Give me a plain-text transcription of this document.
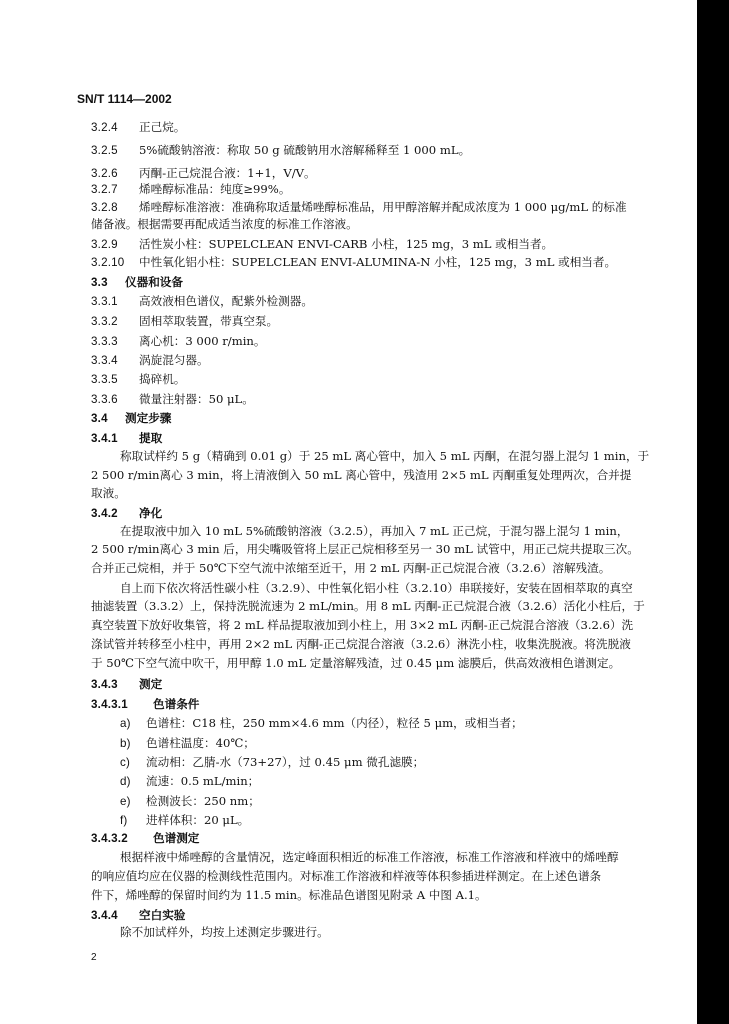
SN/T 1114—2002
3.2.4 正己烷。
3.2.5 5%硫酸钠溶液：称取 50 g 硫酸钠用水溶解稀释至 1 000 mL。
3.2.6 丙酮-正己烷混合液：1+1，V/V。
3.2.7 烯唑醇标准品：纯度≥99%。
3.2.8 烯唑醇标准溶液：准确称取适量烯唑醇标准品，用甲醇溶解并配成浓度为 1 000 μg/mL 的标准
储备液。根据需要再配成适当浓度的标准工作溶液。
3.2.9 活性炭小柱：SUPELCLEAN ENVI-CARB 小柱，125 mg，3 mL 或相当者。
3.2.10 中性氧化铝小柱：SUPELCLEAN ENVI-ALUMINA-N 小柱，125 mg，3 mL 或相当者。
3.3 仪器和设备
3.3.1 高效液相色谱仪，配紫外检测器。
3.3.2 固相萃取装置，带真空泵。
3.3.3 离心机：3 000 r/min。
3.3.4 涡旋混匀器。
3.3.5 捣碎机。
3.3.6 微量注射器：50 μL。
3.4 测定步骤
3.4.1 提取
称取试样约 5 g（精确到 0.01 g）于 25 mL 离心管中，加入 5 mL 丙酮，在混匀器上混匀 1 min，于
2 500 r/min离心 3 min，将上清液倒入 50 mL 离心管中，残渣用 2×5 mL 丙酮重复处理两次，合并提
取液。
3.4.2 净化
在提取液中加入 10 mL 5%硫酸钠溶液（3.2.5），再加入 7 mL 正己烷，于混匀器上混匀 1 min，
2 500 r/min离心 3 min 后，用尖嘴吸管将上层正己烷相移至另一 30 mL 试管中，用正己烷共提取三次。
合并正己烷相，并于 50℃下空气流中浓缩至近干，用 2 mL 丙酮-正己烷混合液（3.2.6）溶解残渣。
自上而下依次将活性碳小柱（3.2.9）、中性氧化铝小柱（3.2.10）串联接好，安装在固相萃取的真空
抽滤装置（3.3.2）上，保持洗脱流速为 2 mL/min。用 8 mL 丙酮-正己烷混合液（3.2.6）活化小柱后，于
真空装置下放好收集管，将 2 mL 样品提取液加到小柱上，用 3×2 mL 丙酮-正己烷混合溶液（3.2.6）洗
涤试管并转移至小柱中，再用 2×2 mL 丙酮-正己烷混合溶液（3.2.6）淋洗小柱，收集洗脱液。将洗脱液
于 50℃下空气流中吹干，用甲醇 1.0 mL 定量溶解残渣，过 0.45 μm 滤膜后，供高效液相色谱测定。
3.4.3 测定
3.4.3.1 色谱条件
a) 色谱柱：C18 柱，250 mm×4.6 mm（内径），粒径 5 μm，或相当者；
b) 色谱柱温度：40℃；
c) 流动相：乙腈-水（73+27），过 0.45 μm 微孔滤膜；
d) 流速：0.5 mL/min；
e) 检测波长：250 nm；
f) 进样体积：20 μL。
3.4.3.2 色谱测定
根据样液中烯唑醇的含量情况，选定峰面积相近的标准工作溶液，标准工作溶液和样液中的烯唑醇
的响应值均应在仪器的检测线性范围内。对标准工作溶液和样液等体积参插进样测定。在上述色谱条
件下，烯唑醇的保留时间约为 11.5 min。标准品色谱图见附录 A 中图 A.1。
3.4.4 空白实验
除不加试样外，均按上述测定步骤进行。
2
